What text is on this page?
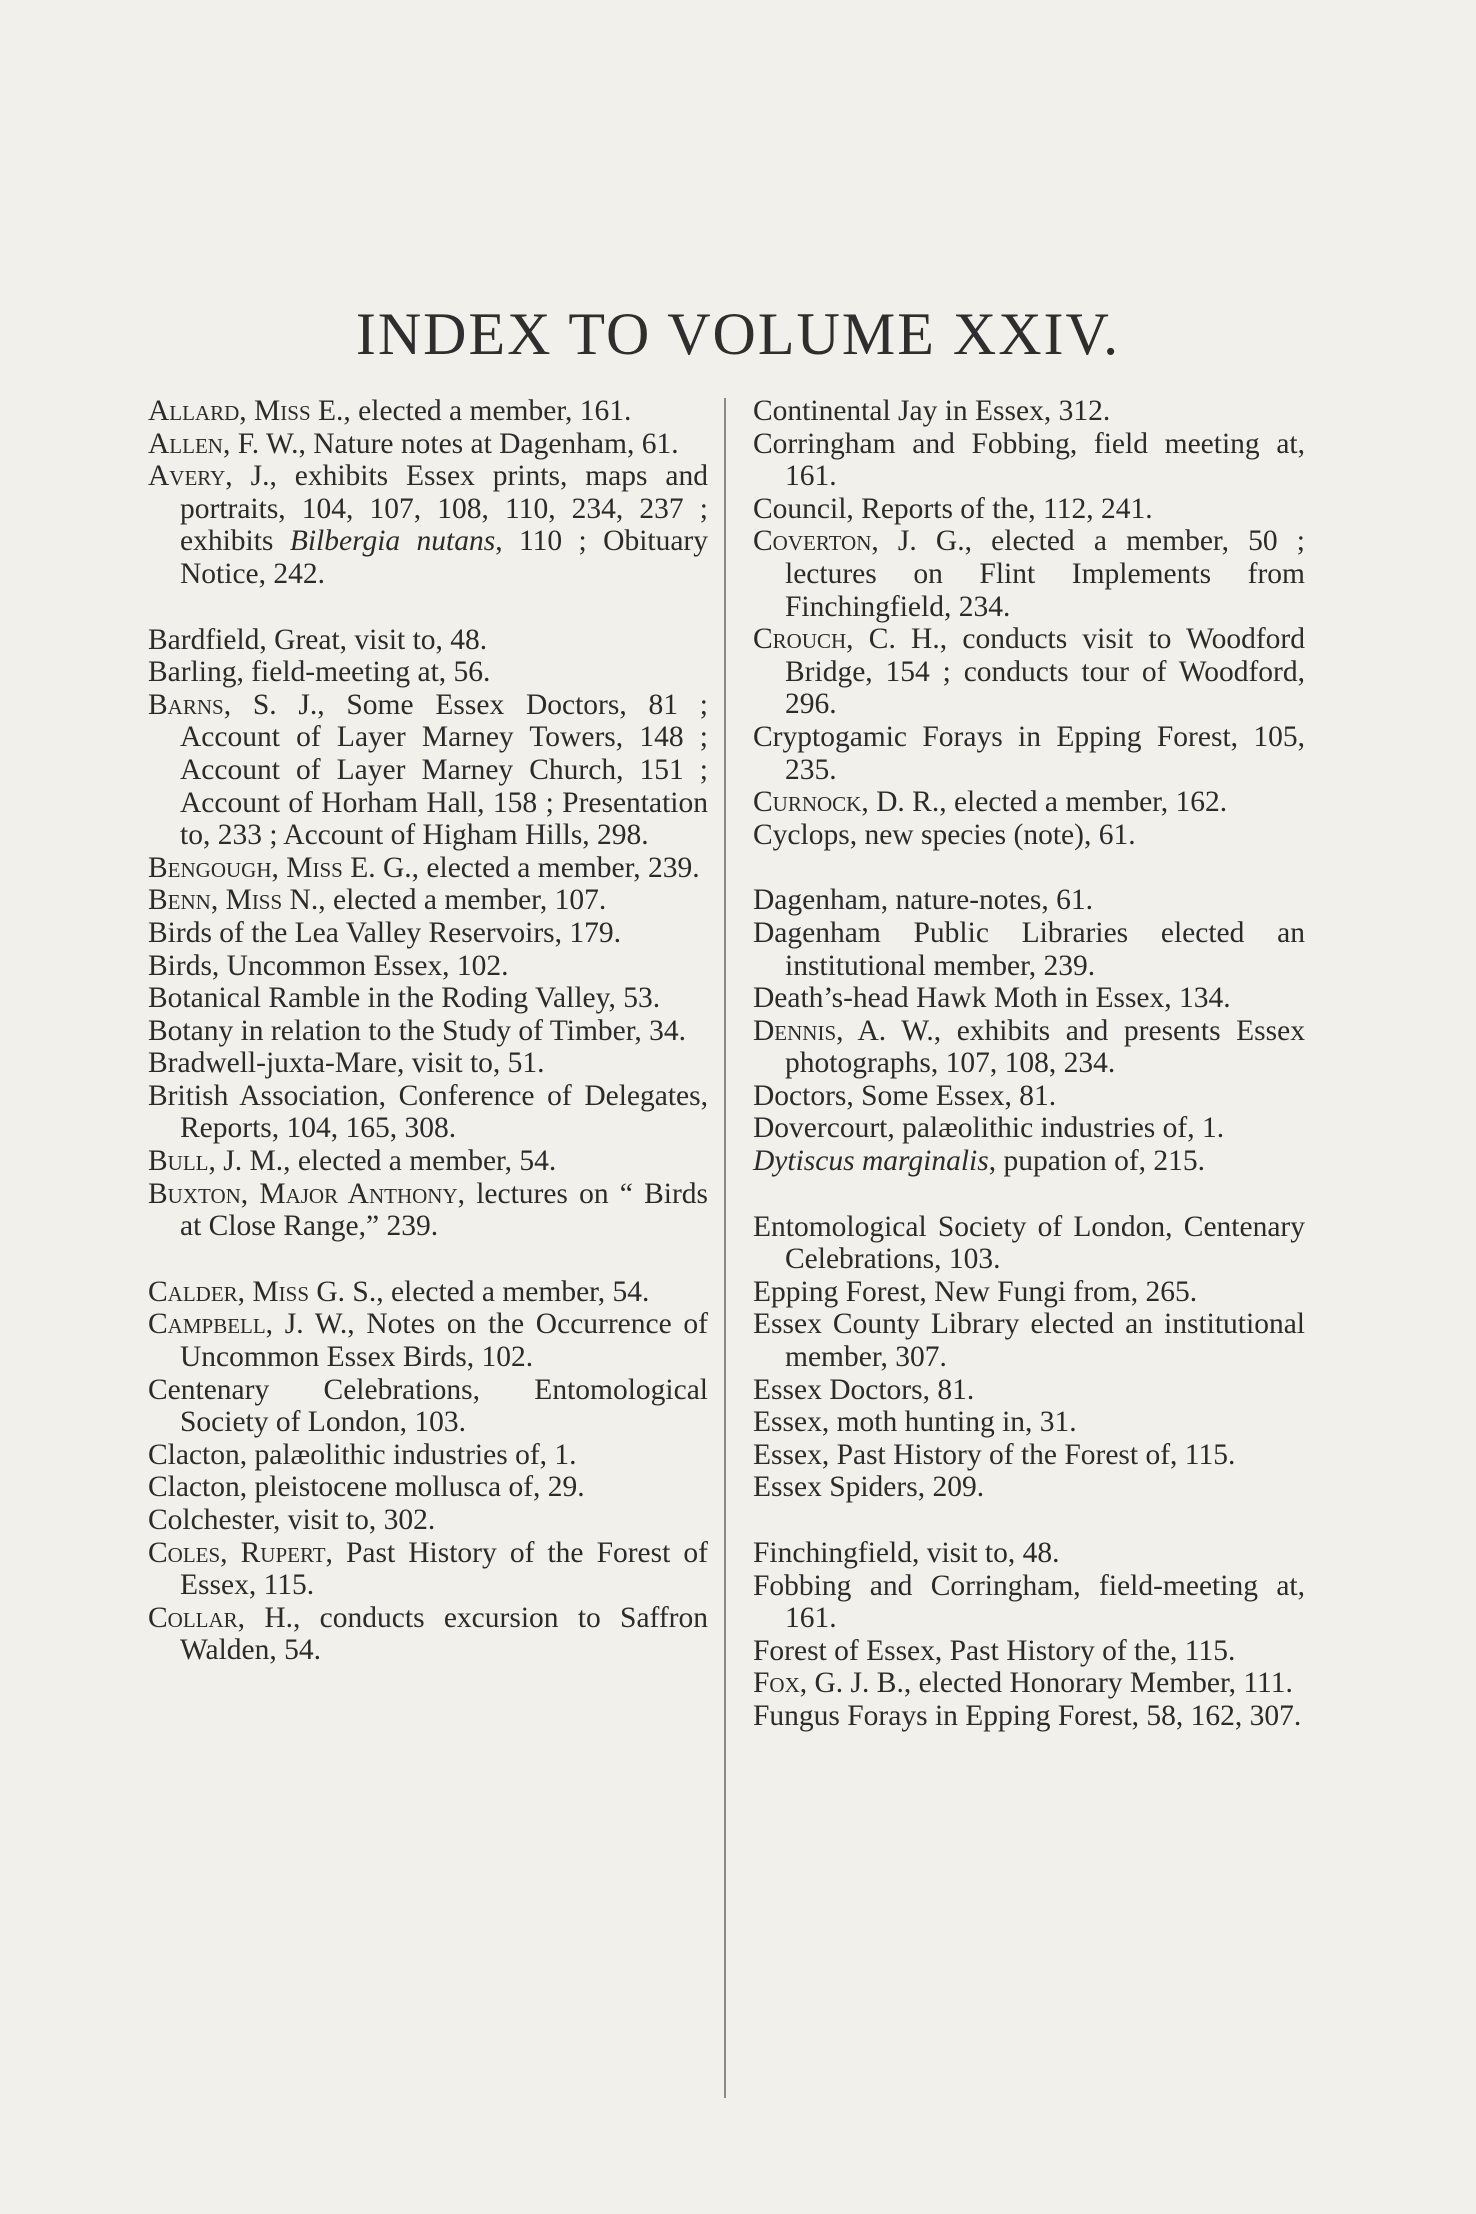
INDEX TO VOLUME XXIV.

Allard, Miss E., elected a member, 161.

Allen, F. W., Nature notes at Dagenham, 61.

Avery, J., exhibits Essex prints, maps and portraits, 104, 107, 108, 110, 234, 237 ; exhibits Bilbergia nutans, 110 ; Obituary Notice, 242.

Bardfield, Great, visit to, 48.

Barling, field-meeting at, 56.

Barns, S. J., Some Essex Doctors, 81 ; Account of Layer Marney Towers, 148 ; Account of Layer Marney Church, 151 ; Account of Horham Hall, 158 ; Presentation to, 233 ; Account of Higham Hills, 298.

Bengough, Miss E. G., elected a member, 239.

Benn, Miss N., elected a member, 107.

Birds of the Lea Valley Reservoirs, 179.

Birds, Uncommon Essex, 102.

Botanical Ramble in the Roding Valley, 53.

Botany in relation to the Study of Timber, 34.

Bradwell-juxta-Mare, visit to, 51.

British Association, Conference of Delegates, Reports, 104, 165, 308.

Bull, J. M., elected a member, 54.

Buxton, Major Anthony, lectures on “ Birds at Close Range,” 239.

Calder, Miss G. S., elected a member, 54.

Campbell, J. W., Notes on the Occurrence of Uncommon Essex Birds, 102.

Centenary Celebrations, Entomological Society of London, 103.

Clacton, palæolithic industries of, 1.

Clacton, pleistocene mollusca of, 29.

Colchester, visit to, 302.

Coles, Rupert, Past History of the Forest of Essex, 115.

Collar, H., conducts excursion to Saffron Walden, 54.

Continental Jay in Essex, 312.

Corringham and Fobbing, field meeting at, 161.

Council, Reports of the, 112, 241.

Coverton, J. G., elected a member, 50 ; lectures on Flint Implements from Finchingfield, 234.

Crouch, C. H., conducts visit to Woodford Bridge, 154 ; conducts tour of Woodford, 296.

Cryptogamic Forays in Epping Forest, 105, 235.

Curnock, D. R., elected a member, 162.

Cyclops, new species (note), 61.

Dagenham, nature-notes, 61.

Dagenham Public Libraries elected an institutional member, 239.

Death’s-head Hawk Moth in Essex, 134.

Dennis, A. W., exhibits and presents Essex photographs, 107, 108, 234.

Doctors, Some Essex, 81.

Dovercourt, palæolithic industries of, 1.

Dytiscus marginalis, pupation of, 215.

Entomological Society of London, Centenary Celebrations, 103.

Epping Forest, New Fungi from, 265.

Essex County Library elected an institutional member, 307.

Essex Doctors, 81.

Essex, moth hunting in, 31.

Essex, Past History of the Forest of, 115.

Essex Spiders, 209.

Finchingfield, visit to, 48.

Fobbing and Corringham, field-meeting at, 161.

Forest of Essex, Past History of the, 115.

Fox, G. J. B., elected Honorary Member, 111.

Fungus Forays in Epping Forest, 58, 162, 307.
